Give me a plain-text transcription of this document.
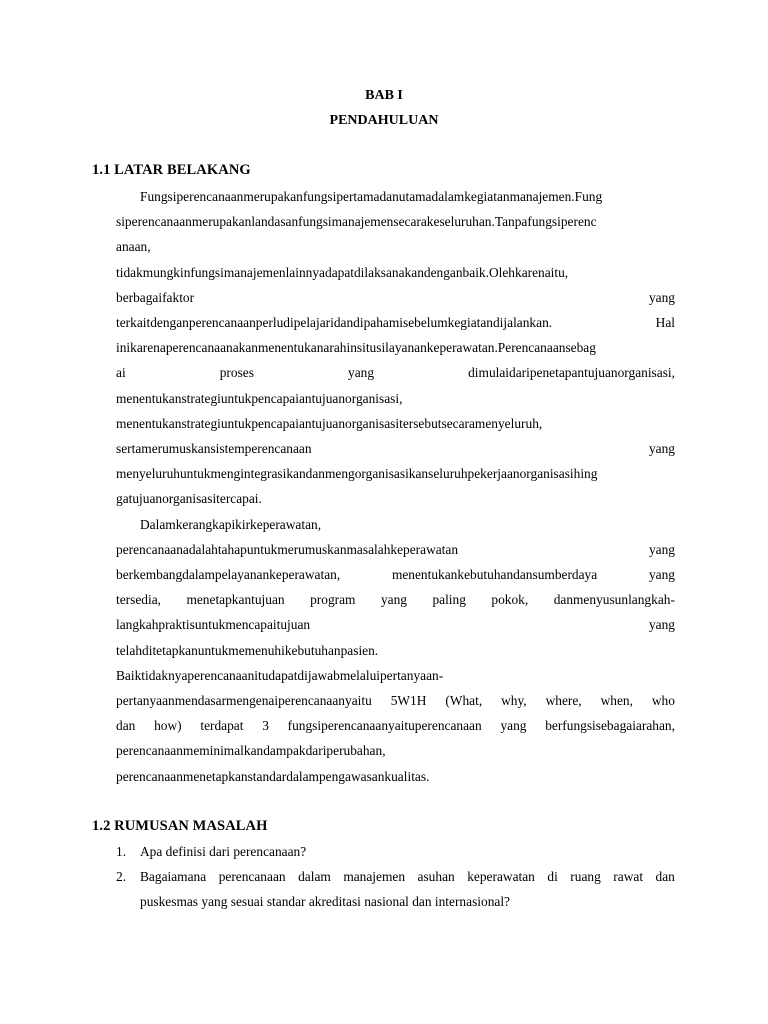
BAB I
PENDAHULUAN
1.1 LATAR BELAKANG
Fungsiperencanaanmerupakanfungsipertamadanutamadalamkegiatanmanajemen.Fung
siperencanaanmerupakanlandasanfungsimanajemensecarakeseluruhan.Tanpafungsiperenc
anaan,
tidakmungkinfungsimanajemenlainnyadapatdilaksanakandenganbaik.Olehkarenaitu,
berbagaifaktor	yang
terkaitdenganperencanaanperludipelajaridandipahamisebelumkegiatandijalankan.	Hal
inikarenaperencanaanakanmenentukanarahinsitusilayanankeperawatan.Perencanaansebag
ai	proses	yang	dimulaidaripenetapantujuanorganisasi,
menentukanstrategiuntukpencapaiantujuanorganisasi,
menentukanstrategiuntukpencapaiantujuanorganisasitersebutsecaramenyeluruh,
sertamerumuskansistemperencanaan	yang
menyeluruhuntukmengintegrasikandanmengorganisasikanseluruhpekerjaanorganisasihing
gatujuanorganisasitercapai.
Dalamkerangkapikirkeperawatan,
perencanaanadalahtahapuntukmerumuskanmasalahkeperawatan	yang
berkembangdalampelayanankeperawatan,	menentukankebutuhandansumberdaya	yang
tersedia, menetapkantujuan program yang paling pokok, danmenyusunlangkah-
langkahpraktisuntukmencapaitujuan	yang
telahditetapkanuntukmemenuhikebutuhanpasien.
Baiktidaknyaperencanaanitudapatdijawabmelaluipertanyaan-
pertanyaanmendasarmengenaiperencanaanyaitu 5W1H (What, why, where, when, who
dan how) terdapat 3 fungsiperencanaanyaituperencanaan yang berfungsisebagaiarahan,
perencanaanmeminimalkandampakdariperubahan,
perencanaanmenetapkanstandardalampengawasankualitas.
1.2 RUMUSAN MASALAH
1. Apa definisi dari perencanaan?
2. Bagaiamana perencanaan dalam manajemen asuhan keperawatan di ruang rawat dan
puskesmas yang sesuai standar akreditasi nasional dan internasional?
